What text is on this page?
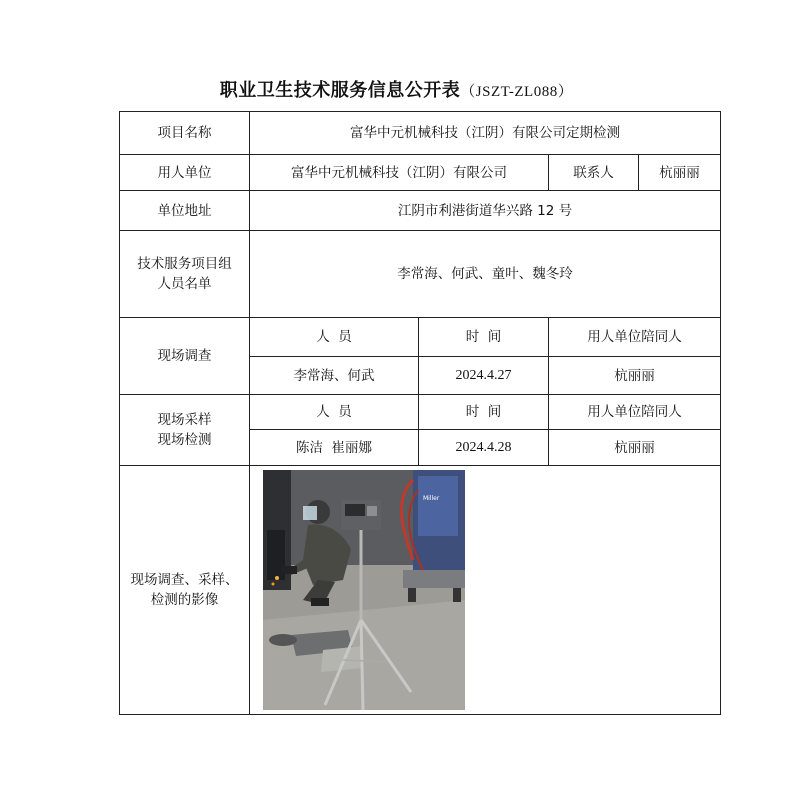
职业卫生技术服务信息公开表（JSZT-ZL088）
项目名称	富华中元机械科技（江阴）有限公司定期检测			
用人单位	富华中元机械科技（江阴）有限公司		联系人	杭丽丽
单位地址	江阴市利港街道华兴路 12 号			

技术服务项目组
人员名单	李常海、何武、童叶、魏冬玲			
现场调查	人  员	时  间	用人单位陪同人	
	李常海、何武	2024.4.27	杭丽丽	

现场采样
现场检测	人  员	时  间	用人单位陪同人	
	陈洁  崔丽娜	2024.4.28	杭丽丽	

现场调查、采样、
检测的影像	Miller			
